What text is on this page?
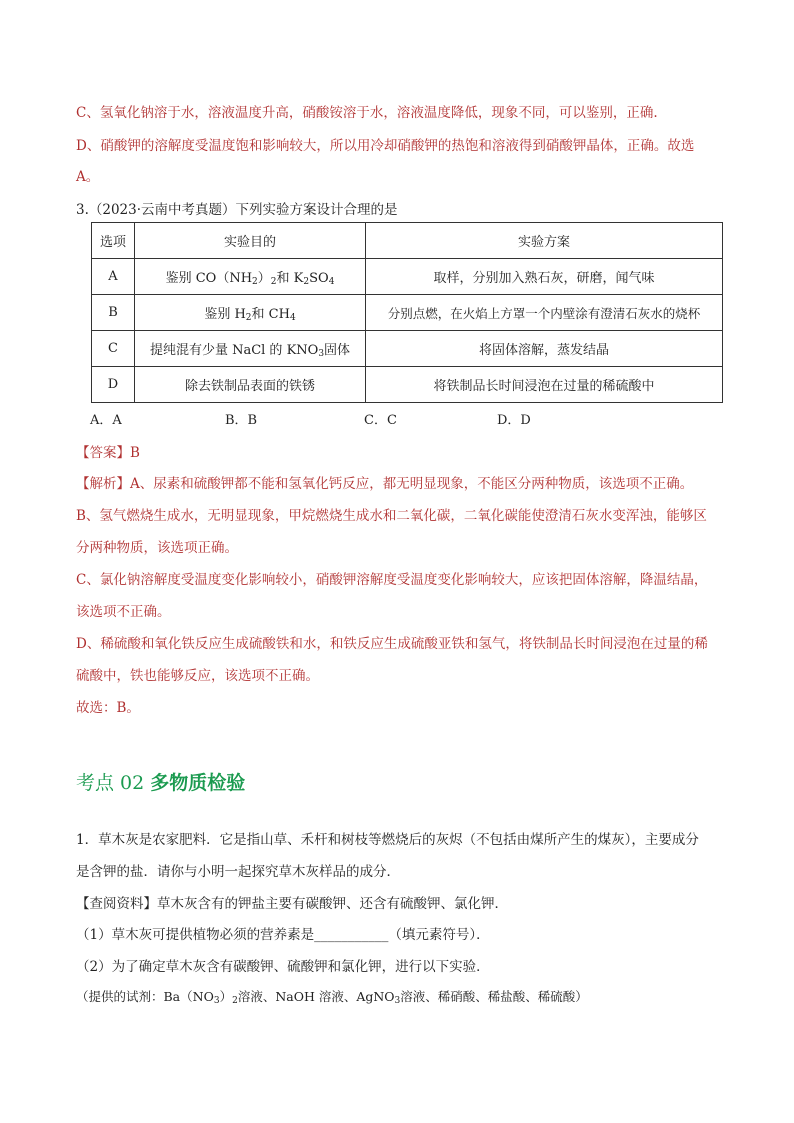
C、氢氧化钠溶于水，溶液温度升高，硝酸铵溶于水，溶液温度降低，现象不同，可以鉴别，正确.
D、硝酸钾的溶解度受温度饱和影响较大，所以用冷却硝酸钾的热饱和溶液得到硝酸钾晶体，正确。故选
A。
3.（2023·云南中考真题）下列实验方案设计合理的是
选项	实验目的	实验方案
A	鉴别 $CO(NH_2)_2$和 $K_2SO_4$	取样，分别加入熟石灰，研磨，闻气味
B	鉴别 $H_2$和 $CH_4$	分别点燃，在火焰上方罩一个内壁涂有澄清石灰水的烧杯
C	提纯混有少量 NaCl 的 $KNO_3$固体	将固体溶解，蒸发结晶
D	除去铁制品表面的铁锈	将铁制品长时间浸泡在过量的稀硫酸中
A．A	B．B	C．C	D．D
【答案】B
【解析】A、尿素和硫酸钾都不能和氢氧化钙反应，都无明显现象，不能区分两种物质，该选项不正确。
B、氢气燃烧生成水，无明显现象，甲烷燃烧生成水和二氧化碳，二氧化碳能使澄清石灰水变浑浊，能够区
分两种物质，该选项正确。
C、氯化钠溶解度受温度变化影响较小，硝酸钾溶解度受温度变化影响较大，应该把固体溶解，降温结晶，
该选项不正确。
D、稀硫酸和氧化铁反应生成硫酸铁和水，和铁反应生成硫酸亚铁和氢气，将铁制品长时间浸泡在过量的稀
硫酸中，铁也能够反应，该选项不正确。
故选：B。
考点 02 多物质检验
1．草木灰是农家肥料．它是指山草、禾杆和树枝等燃烧后的灰烬（不包括由煤所产生的煤灰），主要成分
是含钾的盐．请你与小明一起探究草木灰样品的成分．
【查阅资料】草木灰含有的钾盐主要有碳酸钾、还含有硫酸钾、氯化钾．
（1）草木灰可提供植物必须的营养素是___________（填元素符号）．
（2）为了确定草木灰含有碳酸钾、硫酸钾和氯化钾，进行以下实验．
（提供的试剂：$Ba(NO_3)_2$溶液、NaOH 溶液、AgNO$_3$溶液、稀硝酸、稀盐酸、稀硫酸）
